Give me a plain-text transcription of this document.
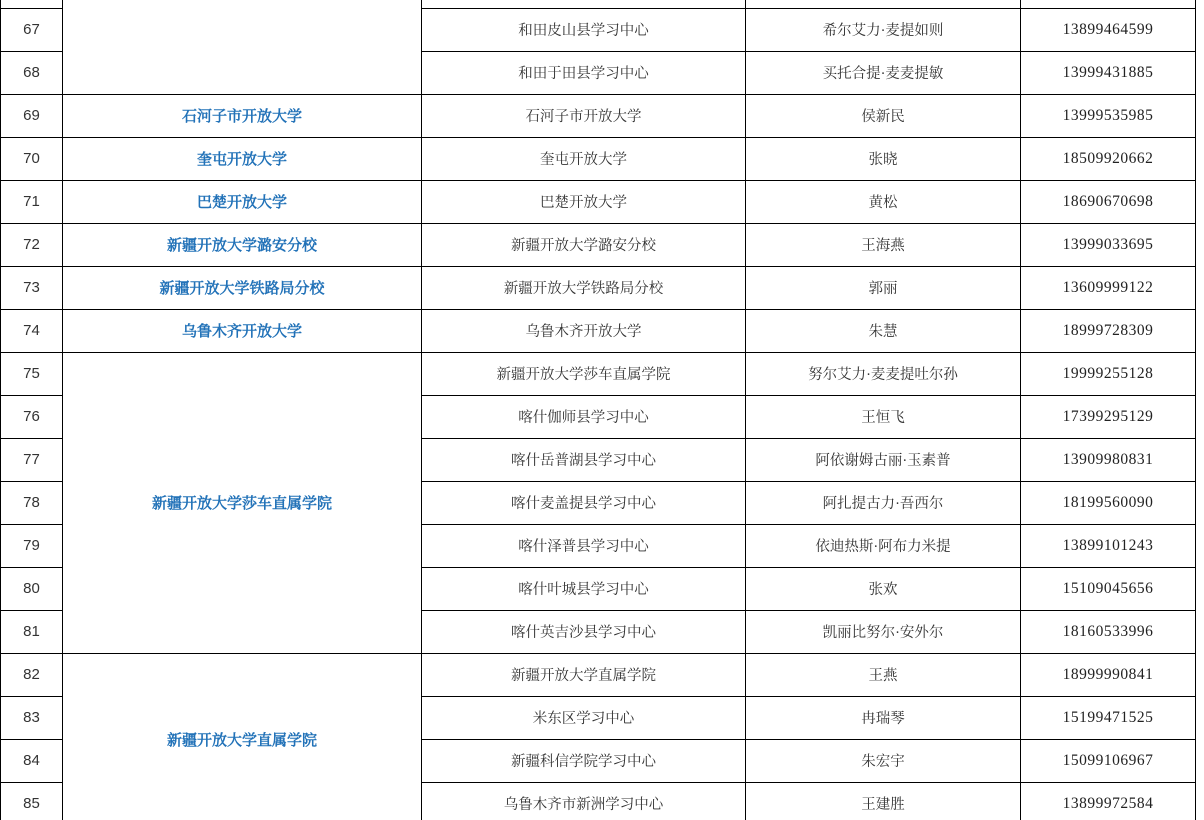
67		和田皮山县学习中心	希尔艾力·麦提如则	13899464599
68		和田于田县学习中心	买托合提·麦麦提敏	13999431885
69	石河子市开放大学	石河子市开放大学	侯新民	13999535985
70	奎屯开放大学	奎屯开放大学	张晓	18509920662
71	巴楚开放大学	巴楚开放大学	黄松	18690670698
72	新疆开放大学潞安分校	新疆开放大学潞安分校	王海燕	13999033695
73	新疆开放大学铁路局分校	新疆开放大学铁路局分校	郭丽	13609999122
74	乌鲁木齐开放大学	乌鲁木齐开放大学	朱慧	18999728309
75	新疆开放大学莎车直属学院	新疆开放大学莎车直属学院	努尔艾力·麦麦提吐尔孙	19999255128
76		喀什伽师县学习中心	王恒飞	17399295129
77		喀什岳普湖县学习中心	阿依谢姆古丽·玉素普	13909980831
78		喀什麦盖提县学习中心	阿扎提古力·吾西尔	18199560090
79		喀什泽普县学习中心	依迪热斯·阿布力米提	13899101243
80		喀什叶城县学习中心	张欢	15109045656
81		喀什英吉沙县学习中心	凯丽比努尔·安外尔	18160533996
82	新疆开放大学直属学院	新疆开放大学直属学院	王燕	18999990841
83		米东区学习中心	冉瑞琴	15199471525
84		新疆科信学院学习中心	朱宏宇	15099106967
85		乌鲁木齐市新洲学习中心	王建胜	13899972584
